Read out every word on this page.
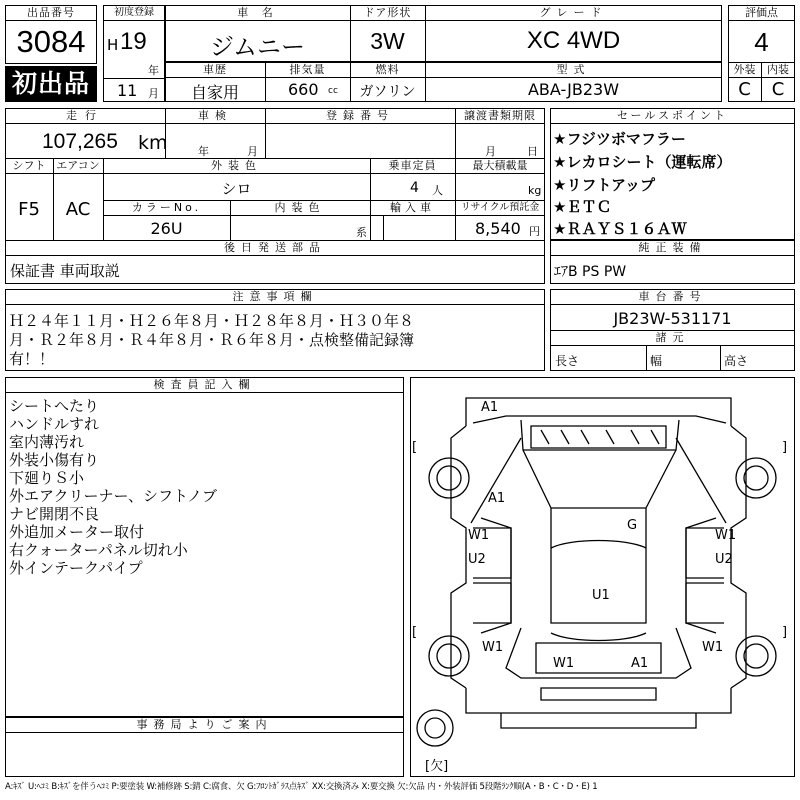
出品番号
3084
初出品
初度登録
H 19
年
11 月
車 名	ドア形状	グレード
ジムニー	3W	XC 4WD
車歴	排気量	燃料	型式
自家用	660 cc	ガソリン	ABA-JB23W
評価点
4
外装	内装
C	C
走行	車検	登録番号	譲渡書類期限
107,265 km	年	月	月	日
シフト エアコン	外装色	乗車定員	最大積載量
F5	AC
シロ	4 人	kg
カラーNo.	内装色	輸入車	リサイクル預託金
26U	系	8,540 円
後日発送部品
保証書 車両取説
セールスポイント
★フジツボマフラー
★レカロシート（運転席）
★リフトアップ
★ＥＴＣ
★ＲＡＹＳ１６ＡＷ
純正装備
ｴｱB PS PW
注意事項欄
Ｈ２４年１１月・Ｈ２６年８月・Ｈ２８年８月・Ｈ３０年８
月・Ｒ２年８月・Ｒ４年８月・Ｒ６年８月・点検整備記録簿
有！！
車台番号
JB23W-531171
諸元
長さ	幅	高さ
検査員記入欄
シートへたり
ハンドルすれ
室内薄汚れ
外装小傷有り
下廻りＳ小
外エアクリーナー、シフトノブ
ナビ開閉不良
外追加メーター取付
右クォーターパネル切れ小
外インテークパイプ
事務局よりご案内
A1
A1
W1	W1
U2	U2
G
U1
W1	W1
W1	A1
[	]
[	]
[欠]
A:ｷｽﾞ U:ﾍｺﾐ B:ｷｽﾞを伴うﾍｺﾐ P:要塗装 W:補修跡 S:錆 C:腐食、欠 G:ﾌﾛﾝﾄｶﾞﾗｽ点ｷｽﾞ XX:交換済み X:要交換 欠:欠品 内・外装評価 5段階ﾗﾝｸ順(A・B・C・D・E) 1
